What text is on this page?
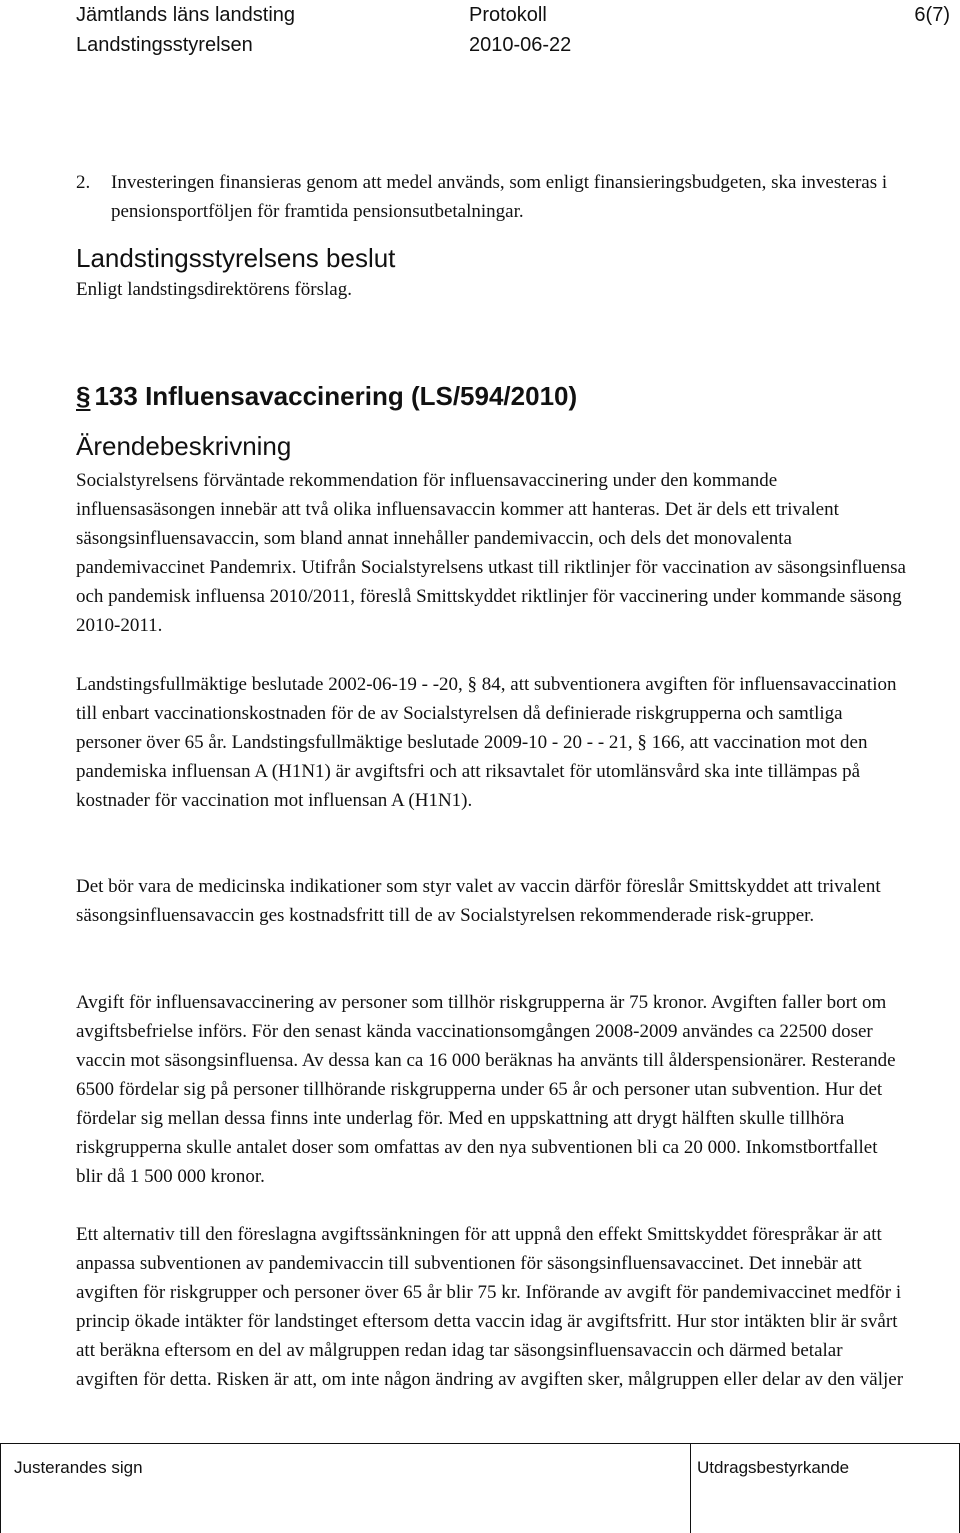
Jämtlands läns landsting
Landstingsstyrelsen
Protokoll
2010-06-22
6(7)
2. Investeringen finansieras genom att medel används, som enligt finansieringsbudgeten, ska investeras i pensionsportföljen för framtida pensionsutbetalningar.
Landstingsstyrelsens beslut
Enligt landstingsdirektörens förslag.
§ 133 Influensavaccinering (LS/594/2010)
Ärendebeskrivning

Socialstyrelsens förväntade rekommendation för influensavaccinering under den kommande influensasäsongen innebär att två olika influensavaccin kommer att hanteras. Det är dels ett trivalent säsongsinfluensavaccin, som bland annat innehåller pandemivaccin, och dels det monovalenta pandemivaccinet Pandemrix. Utifrån Socialstyrelsens utkast till riktlinjer för vaccination av säsongsinfluensa och pandemisk influensa 2010/2011, föreslå Smittskyddet riktlinjer för vaccinering under kommande säsong 2010-2011.

Landstingsfullmäktige beslutade 2002-06-19 - -20, § 84, att subventionera avgiften för influensavaccination till enbart vaccinationskostnaden för de av Socialstyrelsen då definierade riskgrupperna och samtliga personer över 65 år. Landstingsfullmäktige beslutade 2009-10 - 20 - - 21, § 166, att vaccination mot den pandemiska influensan A (H1N1) är avgiftsfri och att riksavtalet för utomlänsvård ska inte tillämpas på kostnader för vaccination mot influensan A (H1N1).

Det bör vara de medicinska indikationer som styr valet av vaccin därför föreslår Smittskyddet att trivalent säsongsinfluensavaccin ges kostnadsfritt till de av Socialstyrelsen rekommenderade risk-grupper.

Avgift för influensavaccinering av personer som tillhör riskgrupperna är 75 kronor. Avgiften faller bort om avgiftsbefrielse införs. För den senast kända vaccinationsomgången 2008-2009 användes ca 22500 doser vaccin mot säsongsinfluensa. Av dessa kan ca 16 000 beräknas ha använts till ålderspensionärer. Resterande 6500 fördelar sig på personer tillhörande riskgrupperna under 65 år och personer utan subvention. Hur det fördelar sig mellan dessa finns inte underlag för. Med en uppskattning att drygt hälften skulle tillhöra riskgrupperna skulle antalet doser som omfattas av den nya subventionen bli ca 20 000. Inkomstbortfallet blir då 1 500 000 kronor.

Ett alternativ till den föreslagna avgiftssänkningen för att uppnå den effekt Smittskyddet förespråkar är att anpassa subventionen av pandemivaccin till subventionen för säsongsinfluensavaccinet. Det innebär att avgiften för riskgrupper och personer över 65 år blir 75 kr. Införande av avgift för pandemivaccinet medför i princip ökade intäkter för landstinget eftersom detta vaccin idag är avgiftsfritt. Hur stor intäkten blir är svårt att beräkna eftersom en del av målgruppen redan idag tar säsongsinfluensavaccin och därmed betalar avgiften för detta. Risken är att, om inte någon ändring av avgiften sker, målgruppen eller delar av den väljer

Justerandes sign	Utdragsbestyrkande
